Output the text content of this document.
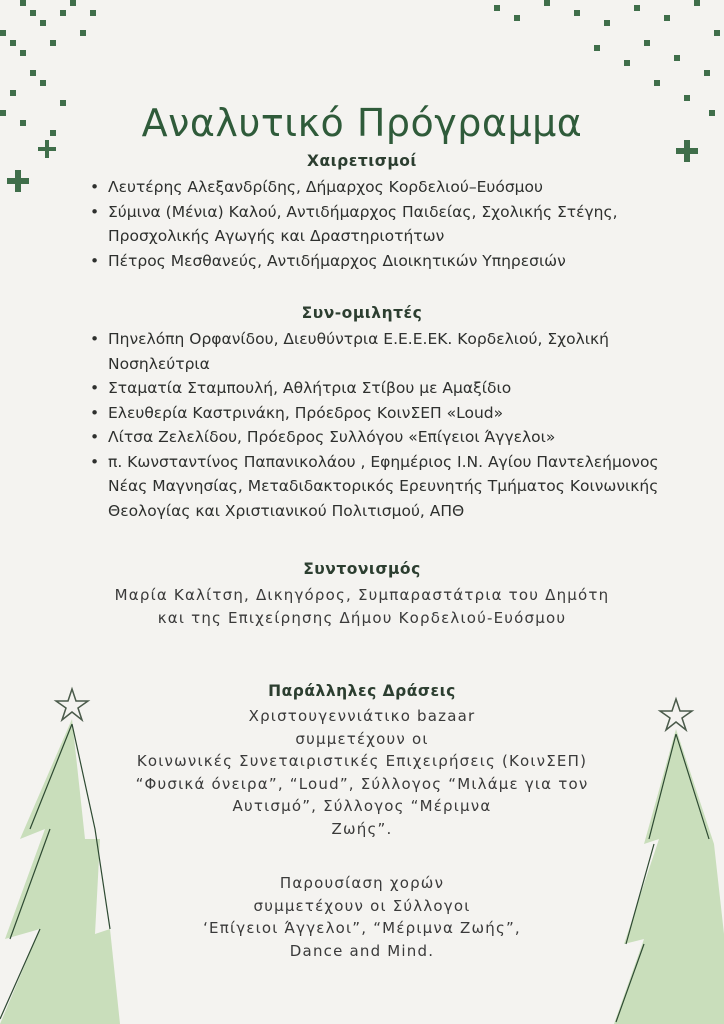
Αναλυτικό Πρόγραμμα
Χαιρετισμοί
• Λευτέρης Αλεξανδρίδης, Δήμαρχος Κορδελιού–Ευόσμου
• Σύμινα (Μένια) Καλού, Αντιδήμαρχος Παιδείας, Σχολικής Στέγης, Προσχολικής Αγωγής και Δραστηριοτήτων
• Πέτρος Μεσθανεύς, Αντιδήμαρχος Διοικητικών Υπηρεσιών
Συν-ομιλητές
• Πηνελόπη Ορφανίδου, Διευθύντρια Ε.Ε.Ε.ΕΚ. Κορδελιού, Σχολική Νοσηλεύτρια
• Σταματία Σταμπουλή, Αθλήτρια Στίβου με Αμαξίδιο
• Ελευθερία Καστρινάκη, Πρόεδρος ΚοινΣΕΠ «Loud»
• Λίτσα Ζελελίδου, Πρόεδρος Συλλόγου «Επίγειοι Άγγελοι»
• π. Κωνσταντίνος Παπανικολάου , Εφημέριος Ι.Ν. Αγίου Παντελεήμονος Νέας Μαγνησίας, Μεταδιδακτορικός Ερευνητής Τμήματος Κοινωνικής Θεολογίας και Χριστιανικού Πολιτισμού, ΑΠΘ
Συντονισμός
Μαρία Καλίτση, Δικηγόρος, Συμπαραστάτρια του Δημότη
και της Επιχείρησης Δήμου Κορδελιού-Ευόσμου
Παράλληλες Δράσεις
Χριστουγεννιάτικο bazaar
συμμετέχουν οι
Κοινωνικές Συνεταιριστικές Επιχειρήσεις (ΚοινΣΕΠ)
“Φυσικά όνειρα”, “Loud”, Σύλλογος “Μιλάμε για τον
Αυτισμό”, Σύλλογος “Μέριμνα
Ζωής”.
Παρουσίαση χορών
συμμετέχουν οι Σύλλογοι
‘Επίγειοι Άγγελοι”, “Μέριμνα Ζωής”,
Dance and Mind.
